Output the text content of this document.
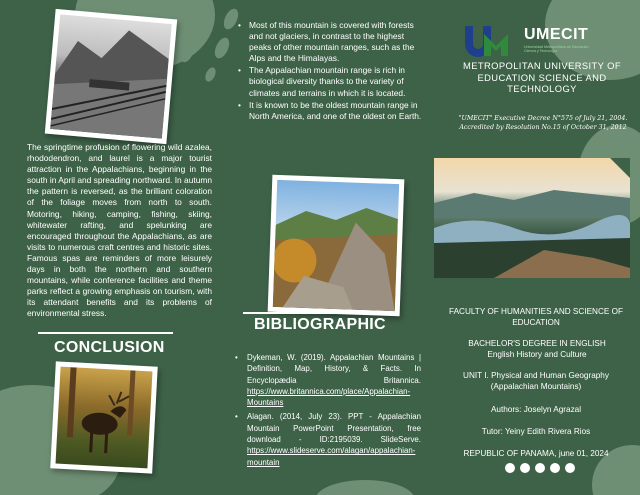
The springtime profusion of flowering wild azalea, rhododendron, and laurel is a major tourist attraction in the Appalachians, beginning in the south in April and spreading northward. In autumn the pattern is reversed, as the brilliant coloration of the foliage moves from north to south. Motoring, hiking, camping, fishing, skiing, whitewater rafting, and spelunking are encouraged throughout the Appalachians, as are visits to numerous craft centres and historic sites. Famous spas are reminders of more leisurely days in both the northern and southern mountains, while conference facilities and theme parks reflect a growing emphasis on tourism, with its attendant benefits and its problems of environmental stress.
CONCLUSION
• Most of this mountain is covered with forests and not glaciers, in contrast to the highest peaks of other mountain ranges, such as the Alps and the Himalayas.
• The Appalachian mountain range is rich in biological diversity thanks to the variety of climates and terrains in which it is located.
• It is known to be the oldest mountain range in North America, and one of the oldest on Earth.
BIBLIOGRAPHIC
• Dykeman, W. (2019). Appalachian Mountains | Definition, Map, History, & Facts. In Encyclopædia Britannica. https://www.britannica.com/place/Appalachian-Mountains
• Alagan. (2014, July 23). PPT - Appalachian Mountain PowerPoint Presentation, free download - ID:2195039. SlideServe. https://www.slideserve.com/alagan/appalachian-mountain
UMECIT
Universidad Metropolitana de Educación, Ciencia y Tecnología
METROPOLITAN UNIVERSITY OF EDUCATION SCIENCE AND TECHNOLOGY
"UMECIT" Executive Decree N°575 of July 21, 2004. Accredited by Resolution No.15 of October 31, 2012
FACULTY OF HUMANITIES AND SCIENCE OF EDUCATION
BACHELOR'S DEGREE IN ENGLISH English History and Culture
UNIT I. Physical and Human Geography (Appalachian Mountains)
Authors: Joselyn Agrazal
Tutor: Yeiny Edith Rivera Rios
REPUBLIC OF PANAMA, june 01, 2024
